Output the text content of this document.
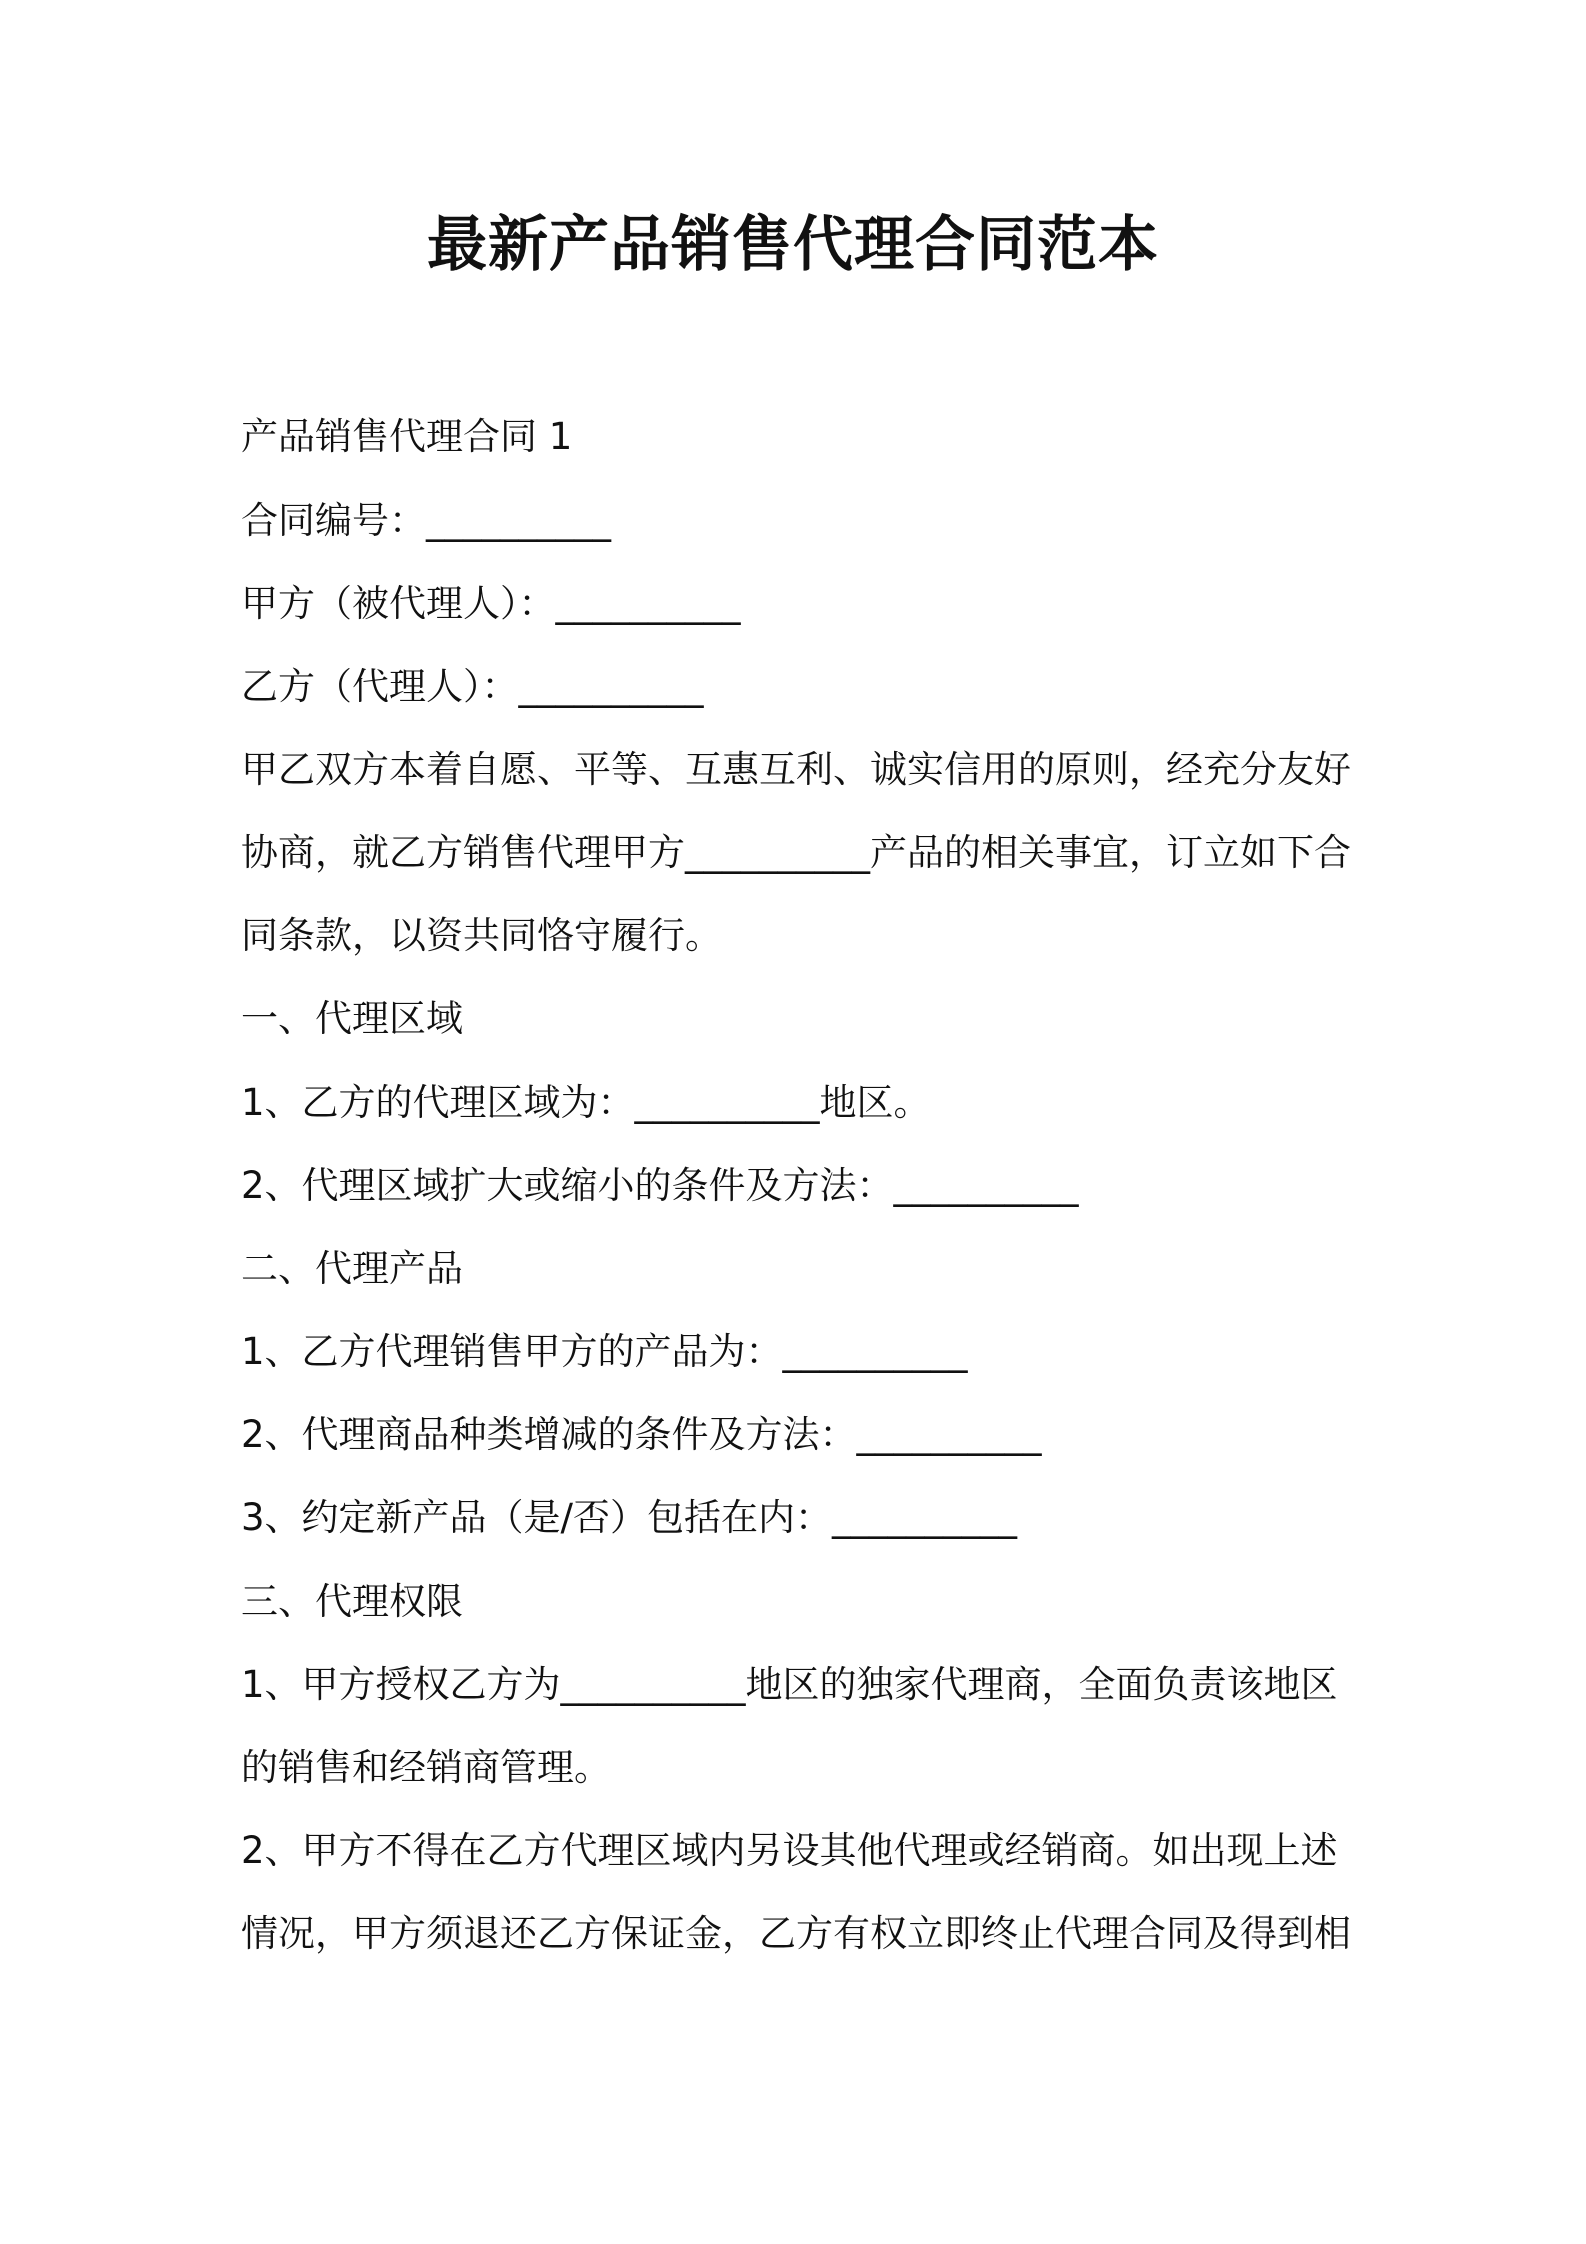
最新产品销售代理合同范本
产品销售代理合同 1
合同编号：__________
甲方（被代理人）：__________
乙方（代理人）：__________
甲乙双方本着自愿、平等、互惠互利、诚实信用的原则，经充分友好
协商，就乙方销售代理甲方__________产品的相关事宜，订立如下合
同条款，以资共同恪守履行。
一、代理区域
1、乙方的代理区域为：__________地区。
2、代理区域扩大或缩小的条件及方法：__________
二、代理产品
1、乙方代理销售甲方的产品为：__________
2、代理商品种类增减的条件及方法：__________
3、约定新产品（是/否）包括在内：__________
三、代理权限
1、甲方授权乙方为__________地区的独家代理商，全面负责该地区
的销售和经销商管理。
2、甲方不得在乙方代理区域内另设其他代理或经销商。如出现上述
情况，甲方须退还乙方保证金，乙方有权立即终止代理合同及得到相
